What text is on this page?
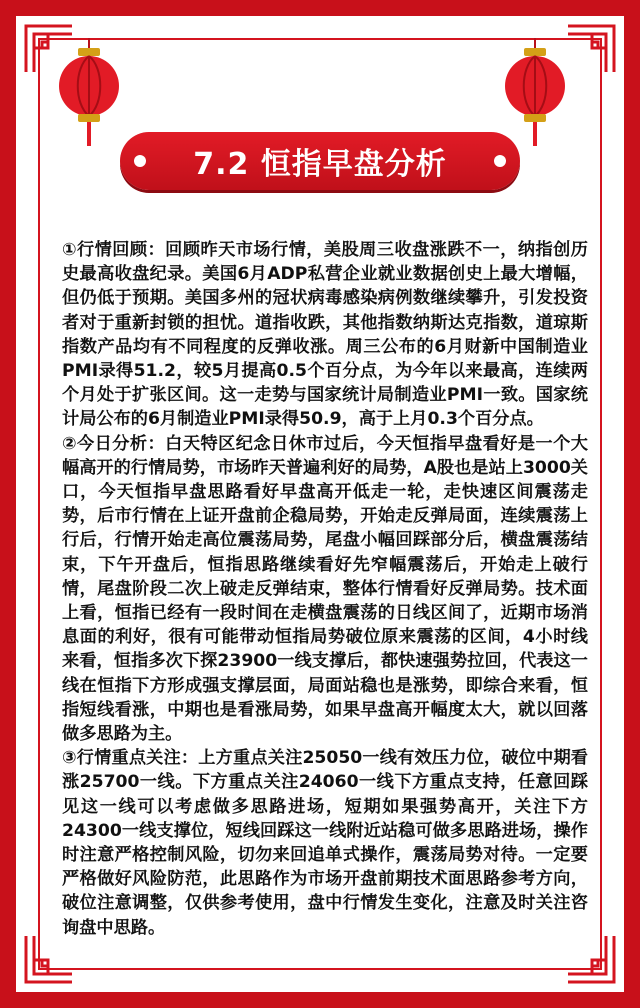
7.2 恒指早盘分析

①行情回顾：回顾昨天市场行情，美股周三收盘涨跌不一，纳指创历史最高收盘纪录。美国6月ADP私营企业就业数据创史上最大增幅，但仍低于预期。美国多州的冠状病毒感染病例数继续攀升，引发投资者对于重新封锁的担忧。道指收跌，其他指数纳斯达克指数，道琼斯指数产品均有不同程度的反弹收涨。周三公布的6月财新中国制造业PMI录得51.2，较5月提高0.5个百分点，为今年以来最高，连续两个月处于扩张区间。这一走势与国家统计局制造业PMI一致。国家统计局公布的6月制造业PMI录得50.9，高于上月0.3个百分点。

②今日分析：白天特区纪念日休市过后，今天恒指早盘看好是一个大幅高开的行情局势，市场昨天普遍利好的局势，A股也是站上3000关口，今天恒指早盘思路看好早盘高开低走一轮，走快速区间震荡走势，后市行情在上证开盘前企稳局势，开始走反弹局面，连续震荡上行后，行情开始走高位震荡局势，尾盘小幅回踩部分后，横盘震荡结束，下午开盘后，恒指思路继续看好先窄幅震荡后，开始走上破行情，尾盘阶段二次上破走反弹结束，整体行情看好反弹局势。技术面上看，恒指已经有一段时间在走横盘震荡的日线区间了，近期市场消息面的利好，很有可能带动恒指局势破位原来震荡的区间，4小时线来看，恒指多次下探23900一线支撑后，都快速强势拉回，代表这一线在恒指下方形成强支撑层面，局面站稳也是涨势，即综合来看，恒指短线看涨，中期也是看涨局势，如果早盘高开幅度太大，就以回落做多思路为主。

③行情重点关注：上方重点关注25050一线有效压力位，破位中期看涨25700一线。下方重点关注24060一线下方重点支持，任意回踩见这一线可以考虑做多思路进场，短期如果强势高开，关注下方24300一线支撑位，短线回踩这一线附近站稳可做多思路进场，操作时注意严格控制风险，切勿来回追单式操作，震荡局势对待。一定要严格做好风险防范，此思路作为市场开盘前期技术面思路参考方向，破位注意调整，仅供参考使用，盘中行情发生变化，注意及时关注咨询盘中思路。
